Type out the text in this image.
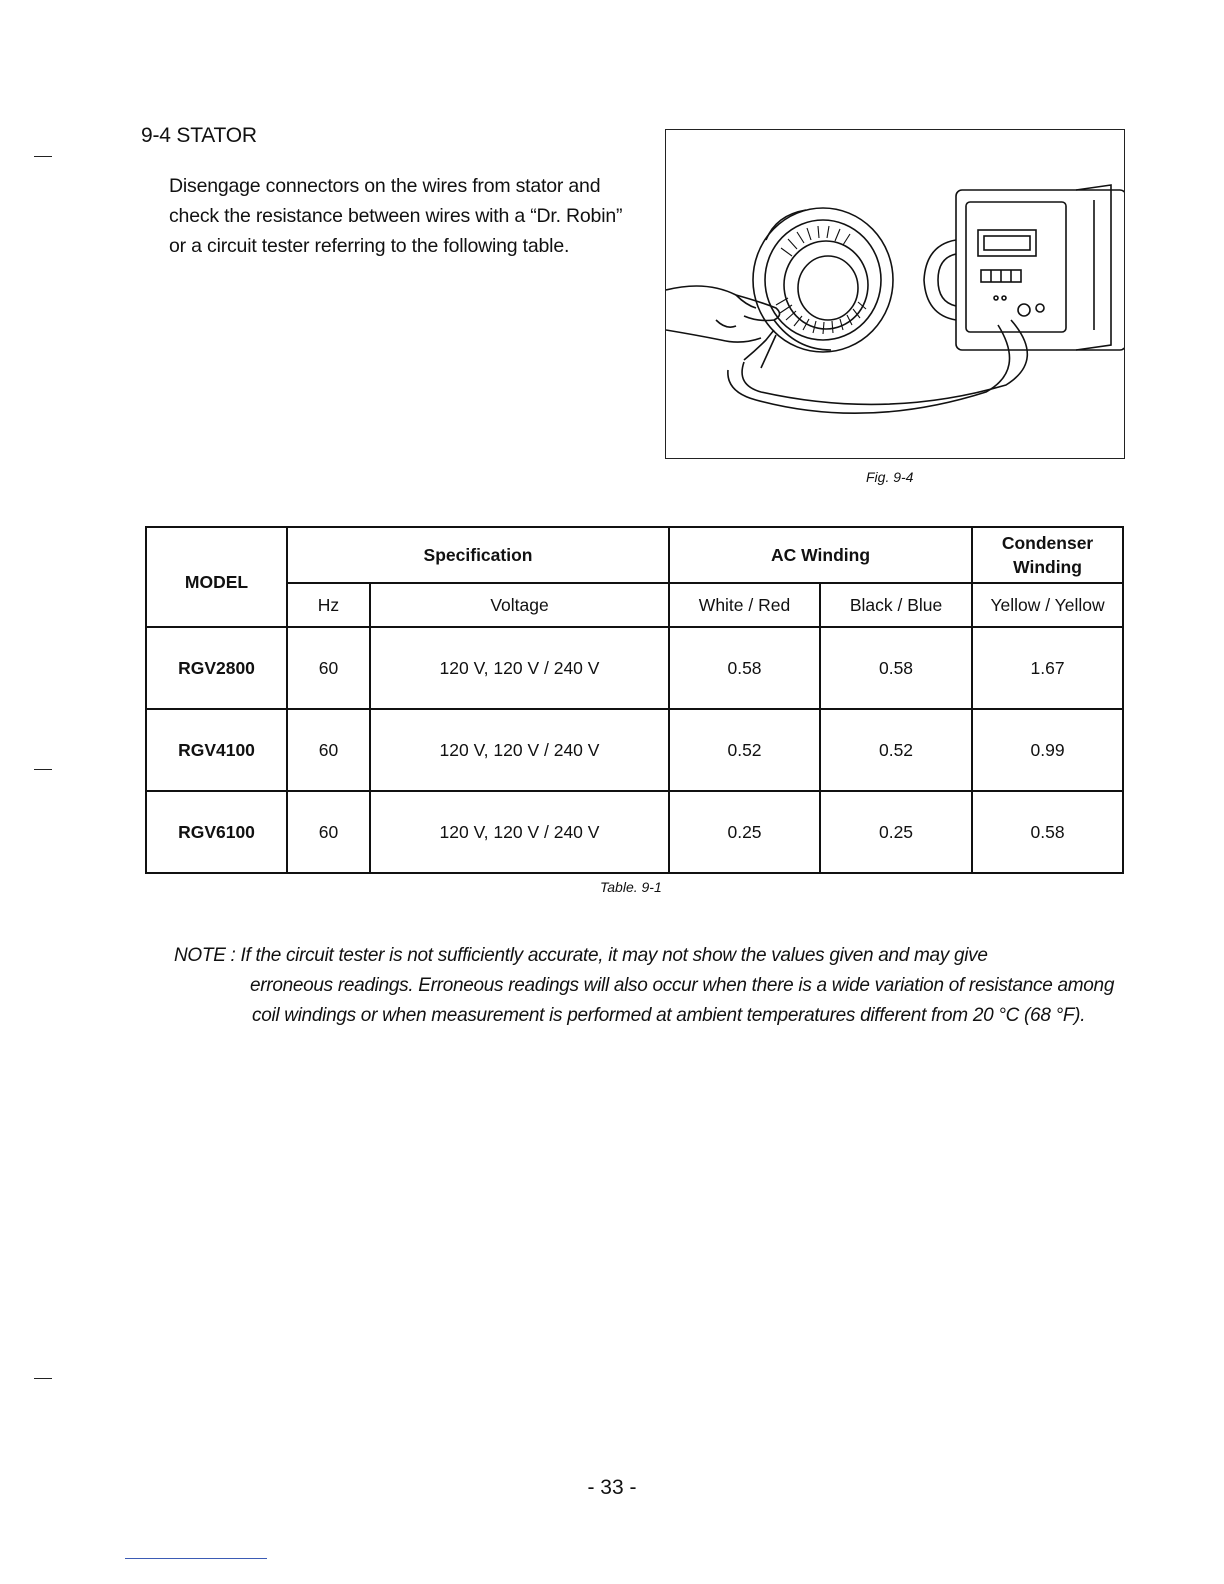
9-4 STATOR
Disengage connectors on the wires from stator and check the resistance between wires with a “Dr. Robin” or a circuit tester referring to the following table.
Fig. 9-4
MODEL	Specification		AC Winding		Condenser Winding
	Hz	Voltage	White / Red	Black / Blue	Yellow / Yellow
RGV2800	60	120 V, 120 V / 240 V	0.58	0.58	1.67
RGV4100	60	120 V, 120 V / 240 V	0.52	0.52	0.99
RGV6100	60	120 V, 120 V / 240 V	0.25	0.25	0.58
Table. 9-1
NOTE : If the circuit tester is not sufficiently accurate, it may not show the values given and may give
erroneous readings. Erroneous readings will also occur when there is a wide variation of resistance among coil windings or when measurement is performed at ambient temperatures different from 20 °C (68 °F).
- 33 -
